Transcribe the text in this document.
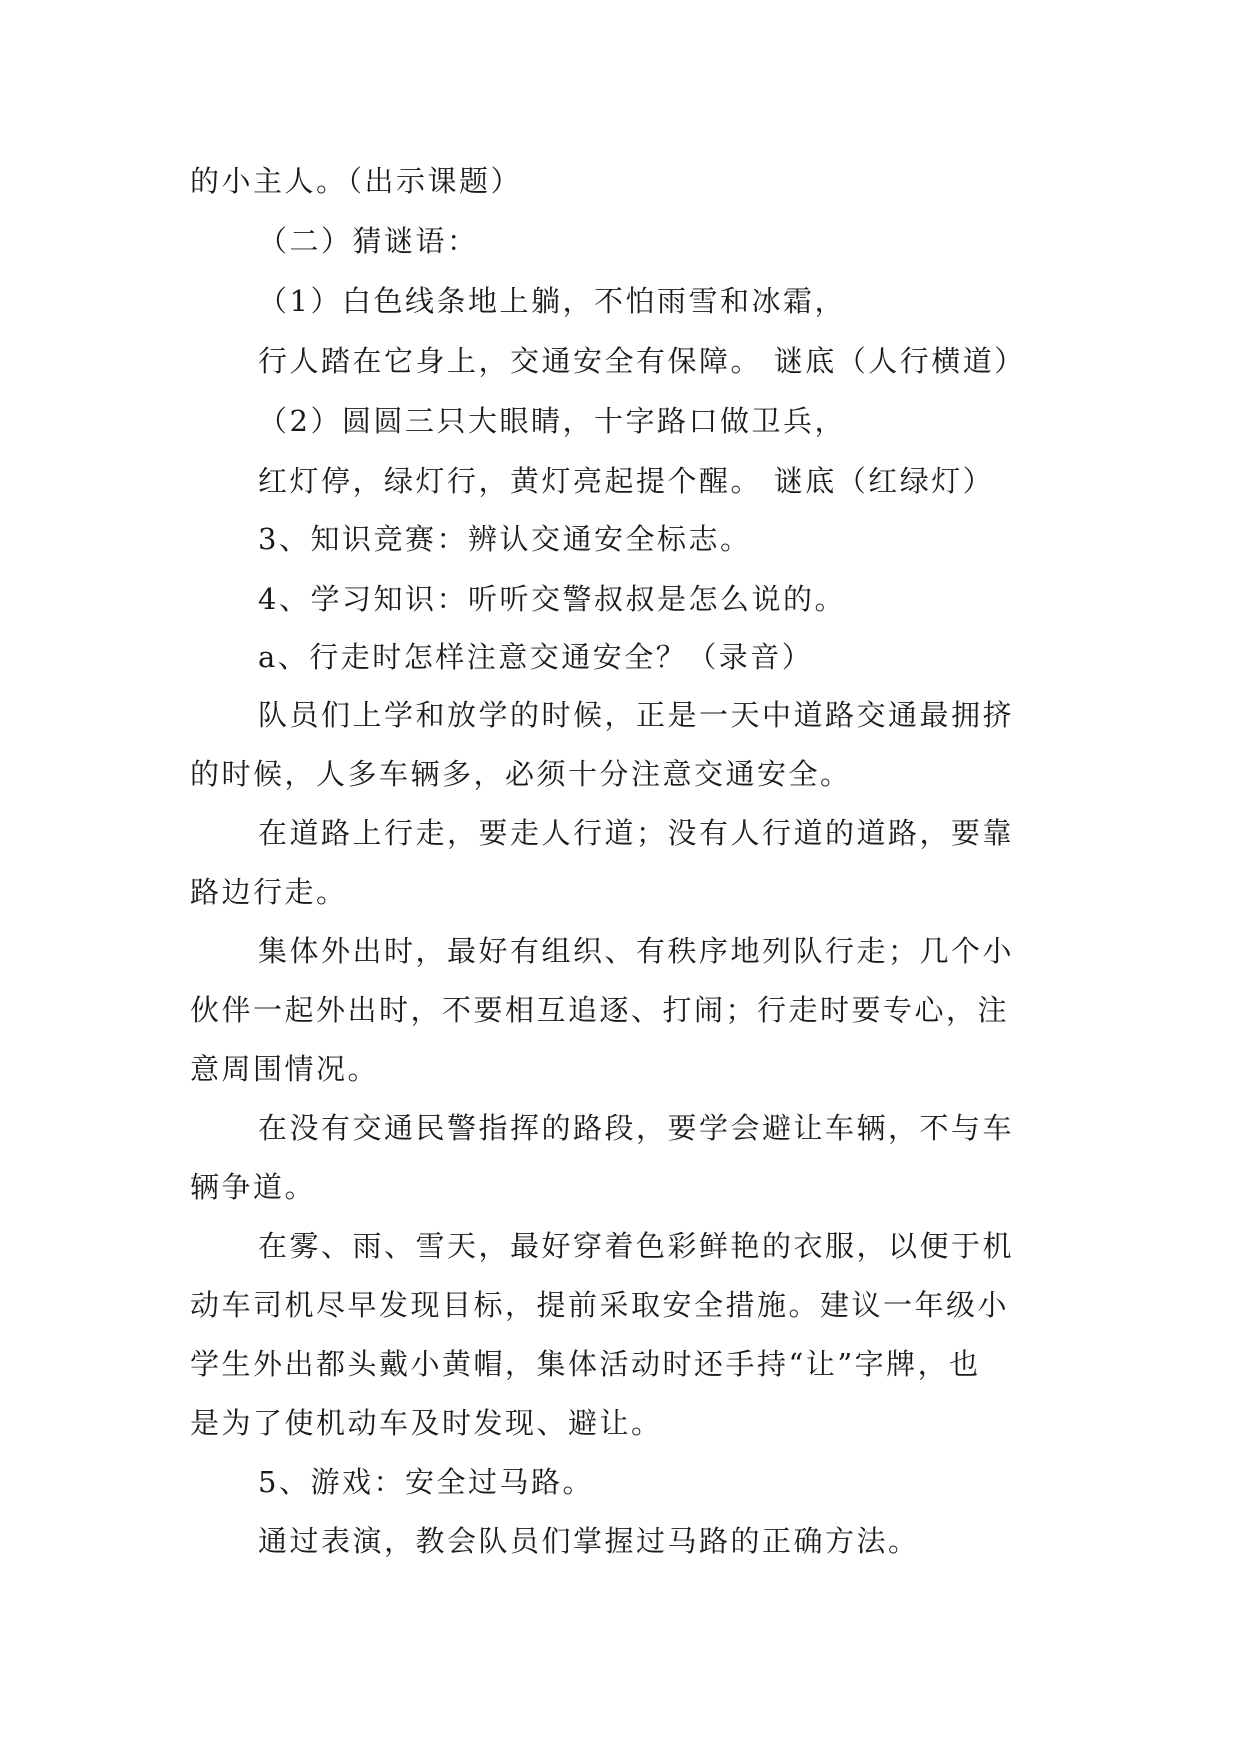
的小主人。（出示课题）
（二）猜谜语：
（1）白色线条地上躺，不怕雨雪和冰霜，
行人踏在它身上，交通安全有保障。 谜底（人行横道）
（2）圆圆三只大眼睛，十字路口做卫兵，
红灯停，绿灯行，黄灯亮起提个醒。 谜底（红绿灯）
3、知识竞赛：辨认交通安全标志。
4、学习知识：听听交警叔叔是怎么说的。
a、行走时怎样注意交通安全？（录音）
队员们上学和放学的时候，正是一天中道路交通最拥挤
的时候，人多车辆多，必须十分注意交通安全。
在道路上行走，要走人行道；没有人行道的道路，要靠
路边行走。
集体外出时，最好有组织、有秩序地列队行走；几个小
伙伴一起外出时，不要相互追逐、打闹；行走时要专心，注
意周围情况。
在没有交通民警指挥的路段，要学会避让车辆，不与车
辆争道。
在雾、雨、雪天，最好穿着色彩鲜艳的衣服，以便于机
动车司机尽早发现目标，提前采取安全措施。建议一年级小
学生外出都头戴小黄帽，集体活动时还手持“让”字牌，也
是为了使机动车及时发现、避让。
5、游戏：安全过马路。
通过表演，教会队员们掌握过马路的正确方法。
